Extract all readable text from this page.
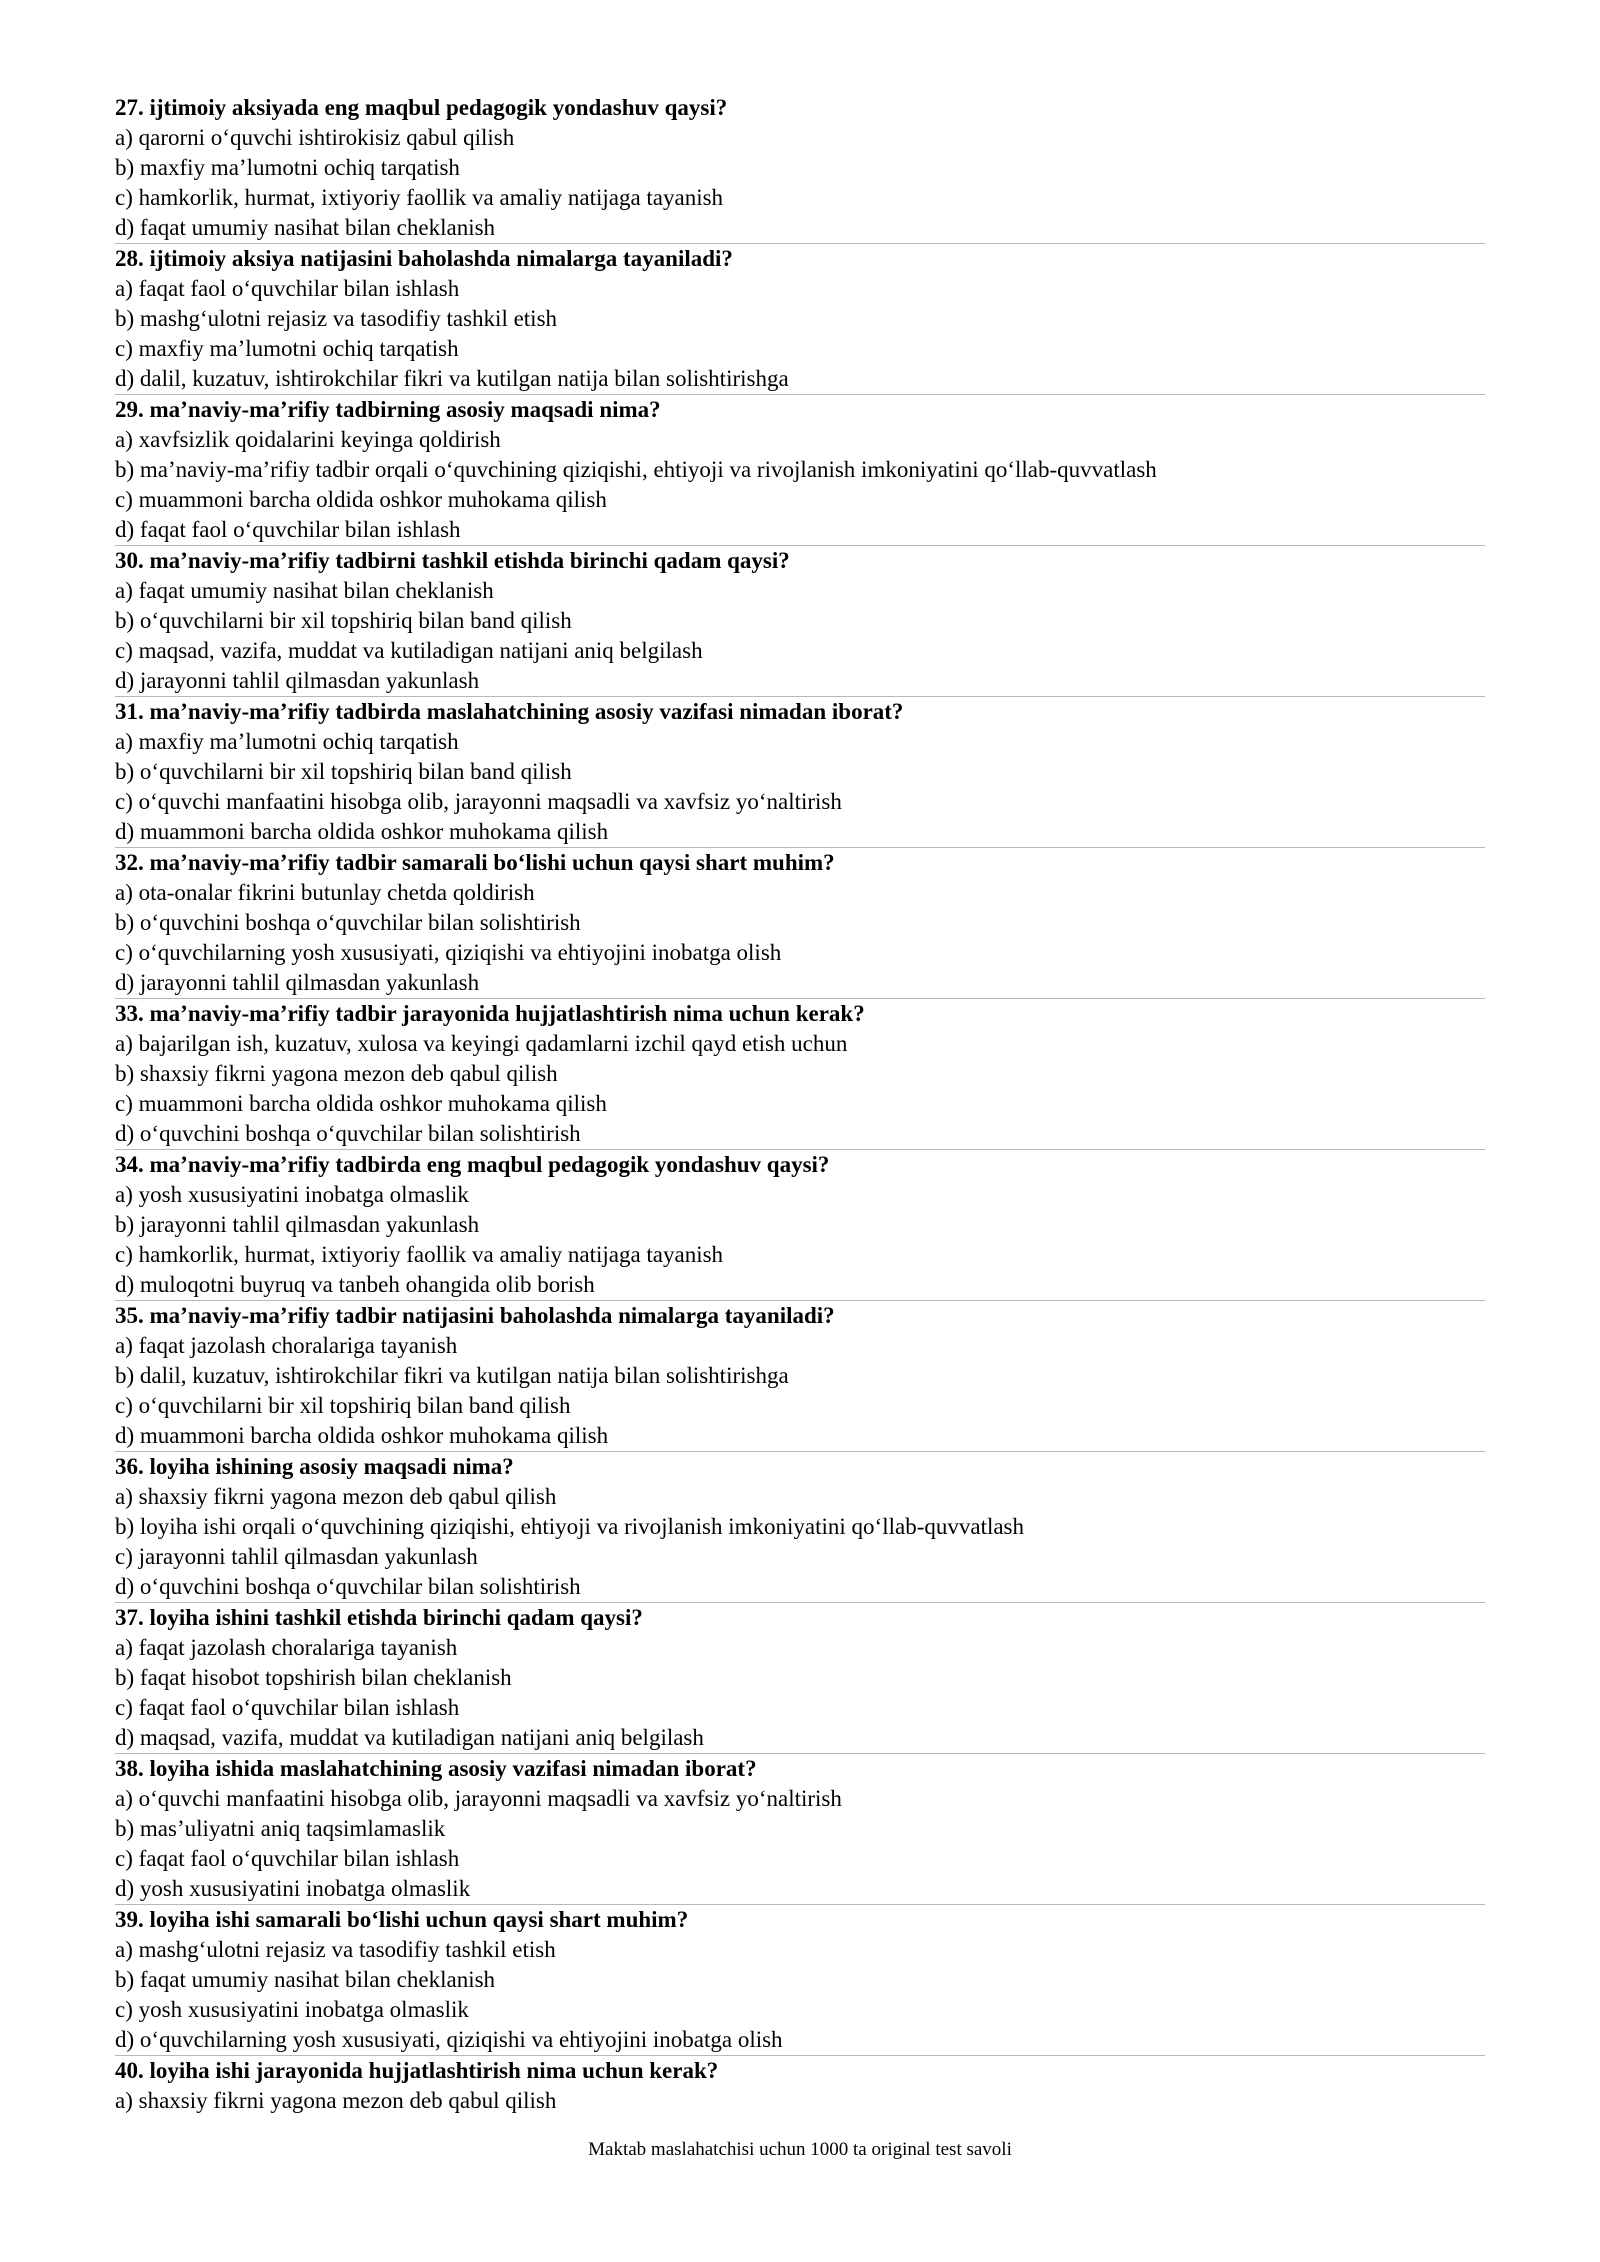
27. ijtimoiy aksiyada eng maqbul pedagogik yondashuv qaysi?
a) qarorni o‘quvchi ishtirokisiz qabul qilish
b) maxfiy ma’lumotni ochiq tarqatish
c) hamkorlik, hurmat, ixtiyoriy faollik va amaliy natijaga tayanish
d) faqat umumiy nasihat bilan cheklanish
28. ijtimoiy aksiya natijasini baholashda nimalarga tayaniladi?
a) faqat faol o‘quvchilar bilan ishlash
b) mashg‘ulotni rejasiz va tasodifiy tashkil etish
c) maxfiy ma’lumotni ochiq tarqatish
d) dalil, kuzatuv, ishtirokchilar fikri va kutilgan natija bilan solishtirishga
29. ma’naviy-ma’rifiy tadbirning asosiy maqsadi nima?
a) xavfsizlik qoidalarini keyinga qoldirish
b) ma’naviy-ma’rifiy tadbir orqali o‘quvchining qiziqishi, ehtiyoji va rivojlanish imkoniyatini qo‘llab-quvvatlash
c) muammoni barcha oldida oshkor muhokama qilish
d) faqat faol o‘quvchilar bilan ishlash
30. ma’naviy-ma’rifiy tadbirni tashkil etishda birinchi qadam qaysi?
a) faqat umumiy nasihat bilan cheklanish
b) o‘quvchilarni bir xil topshiriq bilan band qilish
c) maqsad, vazifa, muddat va kutiladigan natijani aniq belgilash
d) jarayonni tahlil qilmasdan yakunlash
31. ma’naviy-ma’rifiy tadbirda maslahatchining asosiy vazifasi nimadan iborat?
a) maxfiy ma’lumotni ochiq tarqatish
b) o‘quvchilarni bir xil topshiriq bilan band qilish
c) o‘quvchi manfaatini hisobga olib, jarayonni maqsadli va xavfsiz yo‘naltirish
d) muammoni barcha oldida oshkor muhokama qilish
32. ma’naviy-ma’rifiy tadbir samarali bo‘lishi uchun qaysi shart muhim?
a) ota-onalar fikrini butunlay chetda qoldirish
b) o‘quvchini boshqa o‘quvchilar bilan solishtirish
c) o‘quvchilarning yosh xususiyati, qiziqishi va ehtiyojini inobatga olish
d) jarayonni tahlil qilmasdan yakunlash
33. ma’naviy-ma’rifiy tadbir jarayonida hujjatlashtirish nima uchun kerak?
a) bajarilgan ish, kuzatuv, xulosa va keyingi qadamlarni izchil qayd etish uchun
b) shaxsiy fikrni yagona mezon deb qabul qilish
c) muammoni barcha oldida oshkor muhokama qilish
d) o‘quvchini boshqa o‘quvchilar bilan solishtirish
34. ma’naviy-ma’rifiy tadbirda eng maqbul pedagogik yondashuv qaysi?
a) yosh xususiyatini inobatga olmaslik
b) jarayonni tahlil qilmasdan yakunlash
c) hamkorlik, hurmat, ixtiyoriy faollik va amaliy natijaga tayanish
d) muloqotni buyruq va tanbeh ohangida olib borish
35. ma’naviy-ma’rifiy tadbir natijasini baholashda nimalarga tayaniladi?
a) faqat jazolash choralariga tayanish
b) dalil, kuzatuv, ishtirokchilar fikri va kutilgan natija bilan solishtirishga
c) o‘quvchilarni bir xil topshiriq bilan band qilish
d) muammoni barcha oldida oshkor muhokama qilish
36. loyiha ishining asosiy maqsadi nima?
a) shaxsiy fikrni yagona mezon deb qabul qilish
b) loyiha ishi orqali o‘quvchining qiziqishi, ehtiyoji va rivojlanish imkoniyatini qo‘llab-quvvatlash
c) jarayonni tahlil qilmasdan yakunlash
d) o‘quvchini boshqa o‘quvchilar bilan solishtirish
37. loyiha ishini tashkil etishda birinchi qadam qaysi?
a) faqat jazolash choralariga tayanish
b) faqat hisobot topshirish bilan cheklanish
c) faqat faol o‘quvchilar bilan ishlash
d) maqsad, vazifa, muddat va kutiladigan natijani aniq belgilash
38. loyiha ishida maslahatchining asosiy vazifasi nimadan iborat?
a) o‘quvchi manfaatini hisobga olib, jarayonni maqsadli va xavfsiz yo‘naltirish
b) mas’uliyatni aniq taqsimlamaslik
c) faqat faol o‘quvchilar bilan ishlash
d) yosh xususiyatini inobatga olmaslik
39. loyiha ishi samarali bo‘lishi uchun qaysi shart muhim?
a) mashg‘ulotni rejasiz va tasodifiy tashkil etish
b) faqat umumiy nasihat bilan cheklanish
c) yosh xususiyatini inobatga olmaslik
d) o‘quvchilarning yosh xususiyati, qiziqishi va ehtiyojini inobatga olish
40. loyiha ishi jarayonida hujjatlashtirish nima uchun kerak?
a) shaxsiy fikrni yagona mezon deb qabul qilish
Maktab maslahatchisi uchun 1000 ta original test savoli
